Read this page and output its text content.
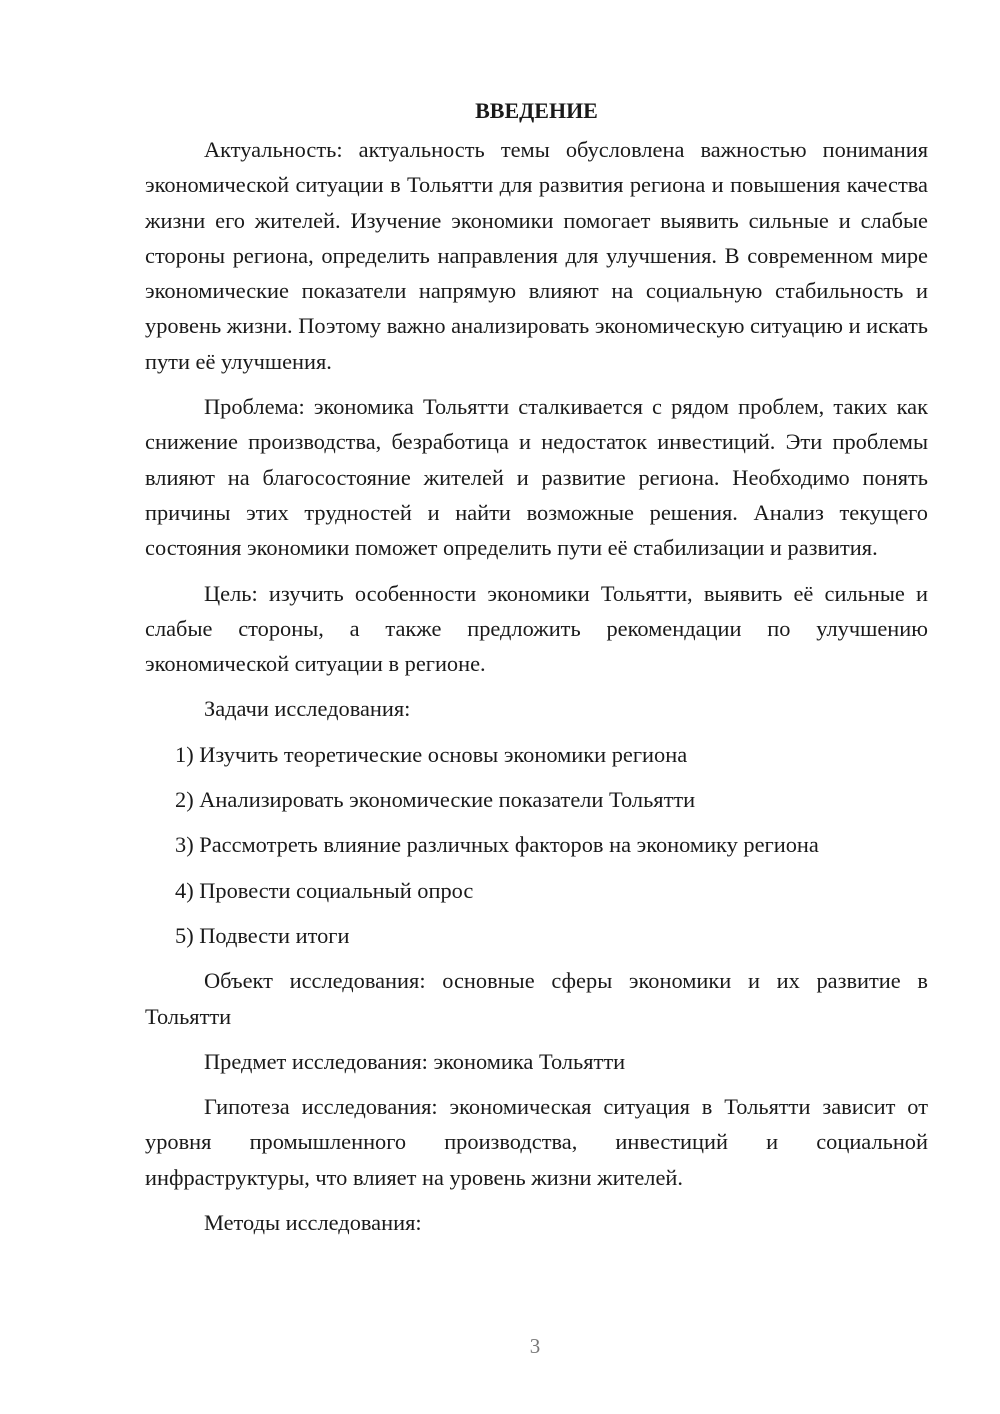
ВВЕДЕНИЕ

Актуальность: актуальность темы обусловлена важностью понимания экономической ситуации в Тольятти для развития региона и повышения качества жизни его жителей. Изучение экономики помогает выявить сильные и слабые стороны региона, определить направления для улучшения. В современном мире экономические показатели напрямую влияют на социальную стабильность и уровень жизни. Поэтому важно анализировать экономическую ситуацию и искать пути её улучшения.

Проблема: экономика Тольятти сталкивается с рядом проблем, таких как снижение производства, безработица и недостаток инвестиций. Эти проблемы влияют на благосостояние жителей и развитие региона. Необходимо понять причины этих трудностей и найти возможные решения. Анализ текущего состояния экономики поможет определить пути её стабилизации и развития.

Цель: изучить особенности экономики Тольятти, выявить её сильные и слабые стороны, а также предложить рекомендации по улучшению экономической ситуации в регионе.

Задачи исследования:

1) Изучить теоретические основы экономики региона
2) Анализировать экономические показатели Тольятти
3) Рассмотреть влияние различных факторов на экономику региона
4) Провести социальный опрос
5) Подвести итоги

Объект исследования: основные сферы экономики и их развитие в Тольятти

Предмет исследования: экономика Тольятти

Гипотеза исследования: экономическая ситуация в Тольятти зависит от уровня промышленного производства, инвестиций и социальной инфраструктуры, что влияет на уровень жизни жителей.

Методы исследования:

3
